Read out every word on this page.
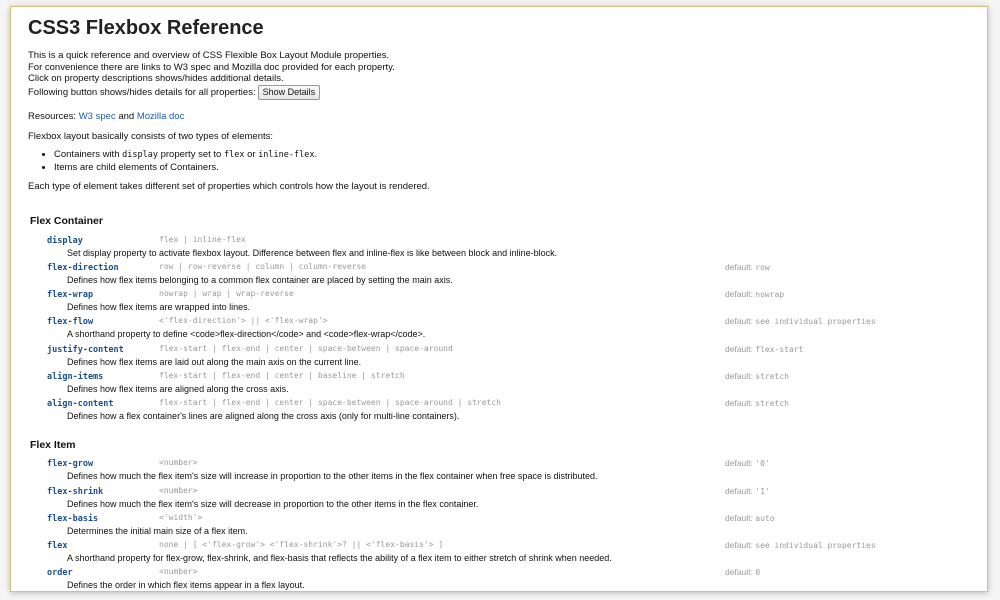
CSS3 Flexbox Reference
This is a quick reference and overview of CSS Flexible Box Layout Module properties.
For convenience there are links to W3 spec and Mozilla doc provided for each property.
Click on property descriptions shows/hides additional details.
Following button shows/hides details for all properties: Show Details
Resources: W3 spec and Mozilla doc
Flexbox layout basically consists of two types of elements:
• Containers with display property set to flex or inline-flex.
• Items are child elements of Containers.
Each type of element takes different set of properties which controls how the layout is rendered.
Flex Container
display	flex | inline-flex
Set display property to activate flexbox layout. Difference between flex and inline-flex is like between block and inline-block.
flex-direction	row | row-reverse | column | column-reverse	default: row
Defines how flex items belonging to a common flex container are placed by setting the main axis.
flex-wrap	nowrap | wrap | wrap-reverse	default: nowrap
Defines how flex items are wrapped into lines.
flex-flow	<'flex-direction'> || <'flex-wrap'>	default: see individual properties
A shorthand property to define <code>flex-direction</code> and <code>flex-wrap</code>.
justify-content	flex-start | flex-end | center | space-between | space-around	default: flex-start
Defines how flex items are laid out along the main axis on the current line.
align-items	flex-start | flex-end | center | baseline | stretch	default: stretch
Defines how flex items are aligned along the cross axis.
align-content	flex-start | flex-end | center | space-between | space-around | stretch	default: stretch
Defines how a flex container's lines are aligned along the cross axis (only for multi-line containers).
Flex Item
flex-grow	<number>	default: '0'
Defines how much the flex item's size will increase in proportion to the other items in the flex container when free space is distributed.
flex-shrink	<number>	default: '1'
Defines how much the flex item's size will decrease in proportion to the other items in the flex container.
flex-basis	<'width'>	default: auto
Determines the initial main size of a flex item.
flex	none | [ <'flex-grow'> <'flex-shrink'>? || <'flex-basis'> ]	default: see individual properties
A shorthand property for flex-grow, flex-shrink, and flex-basis that reflects the ability of a flex item to either stretch of shrink when needed.
order	<number>	default: 0
Defines the order in which flex items appear in a flex layout.
